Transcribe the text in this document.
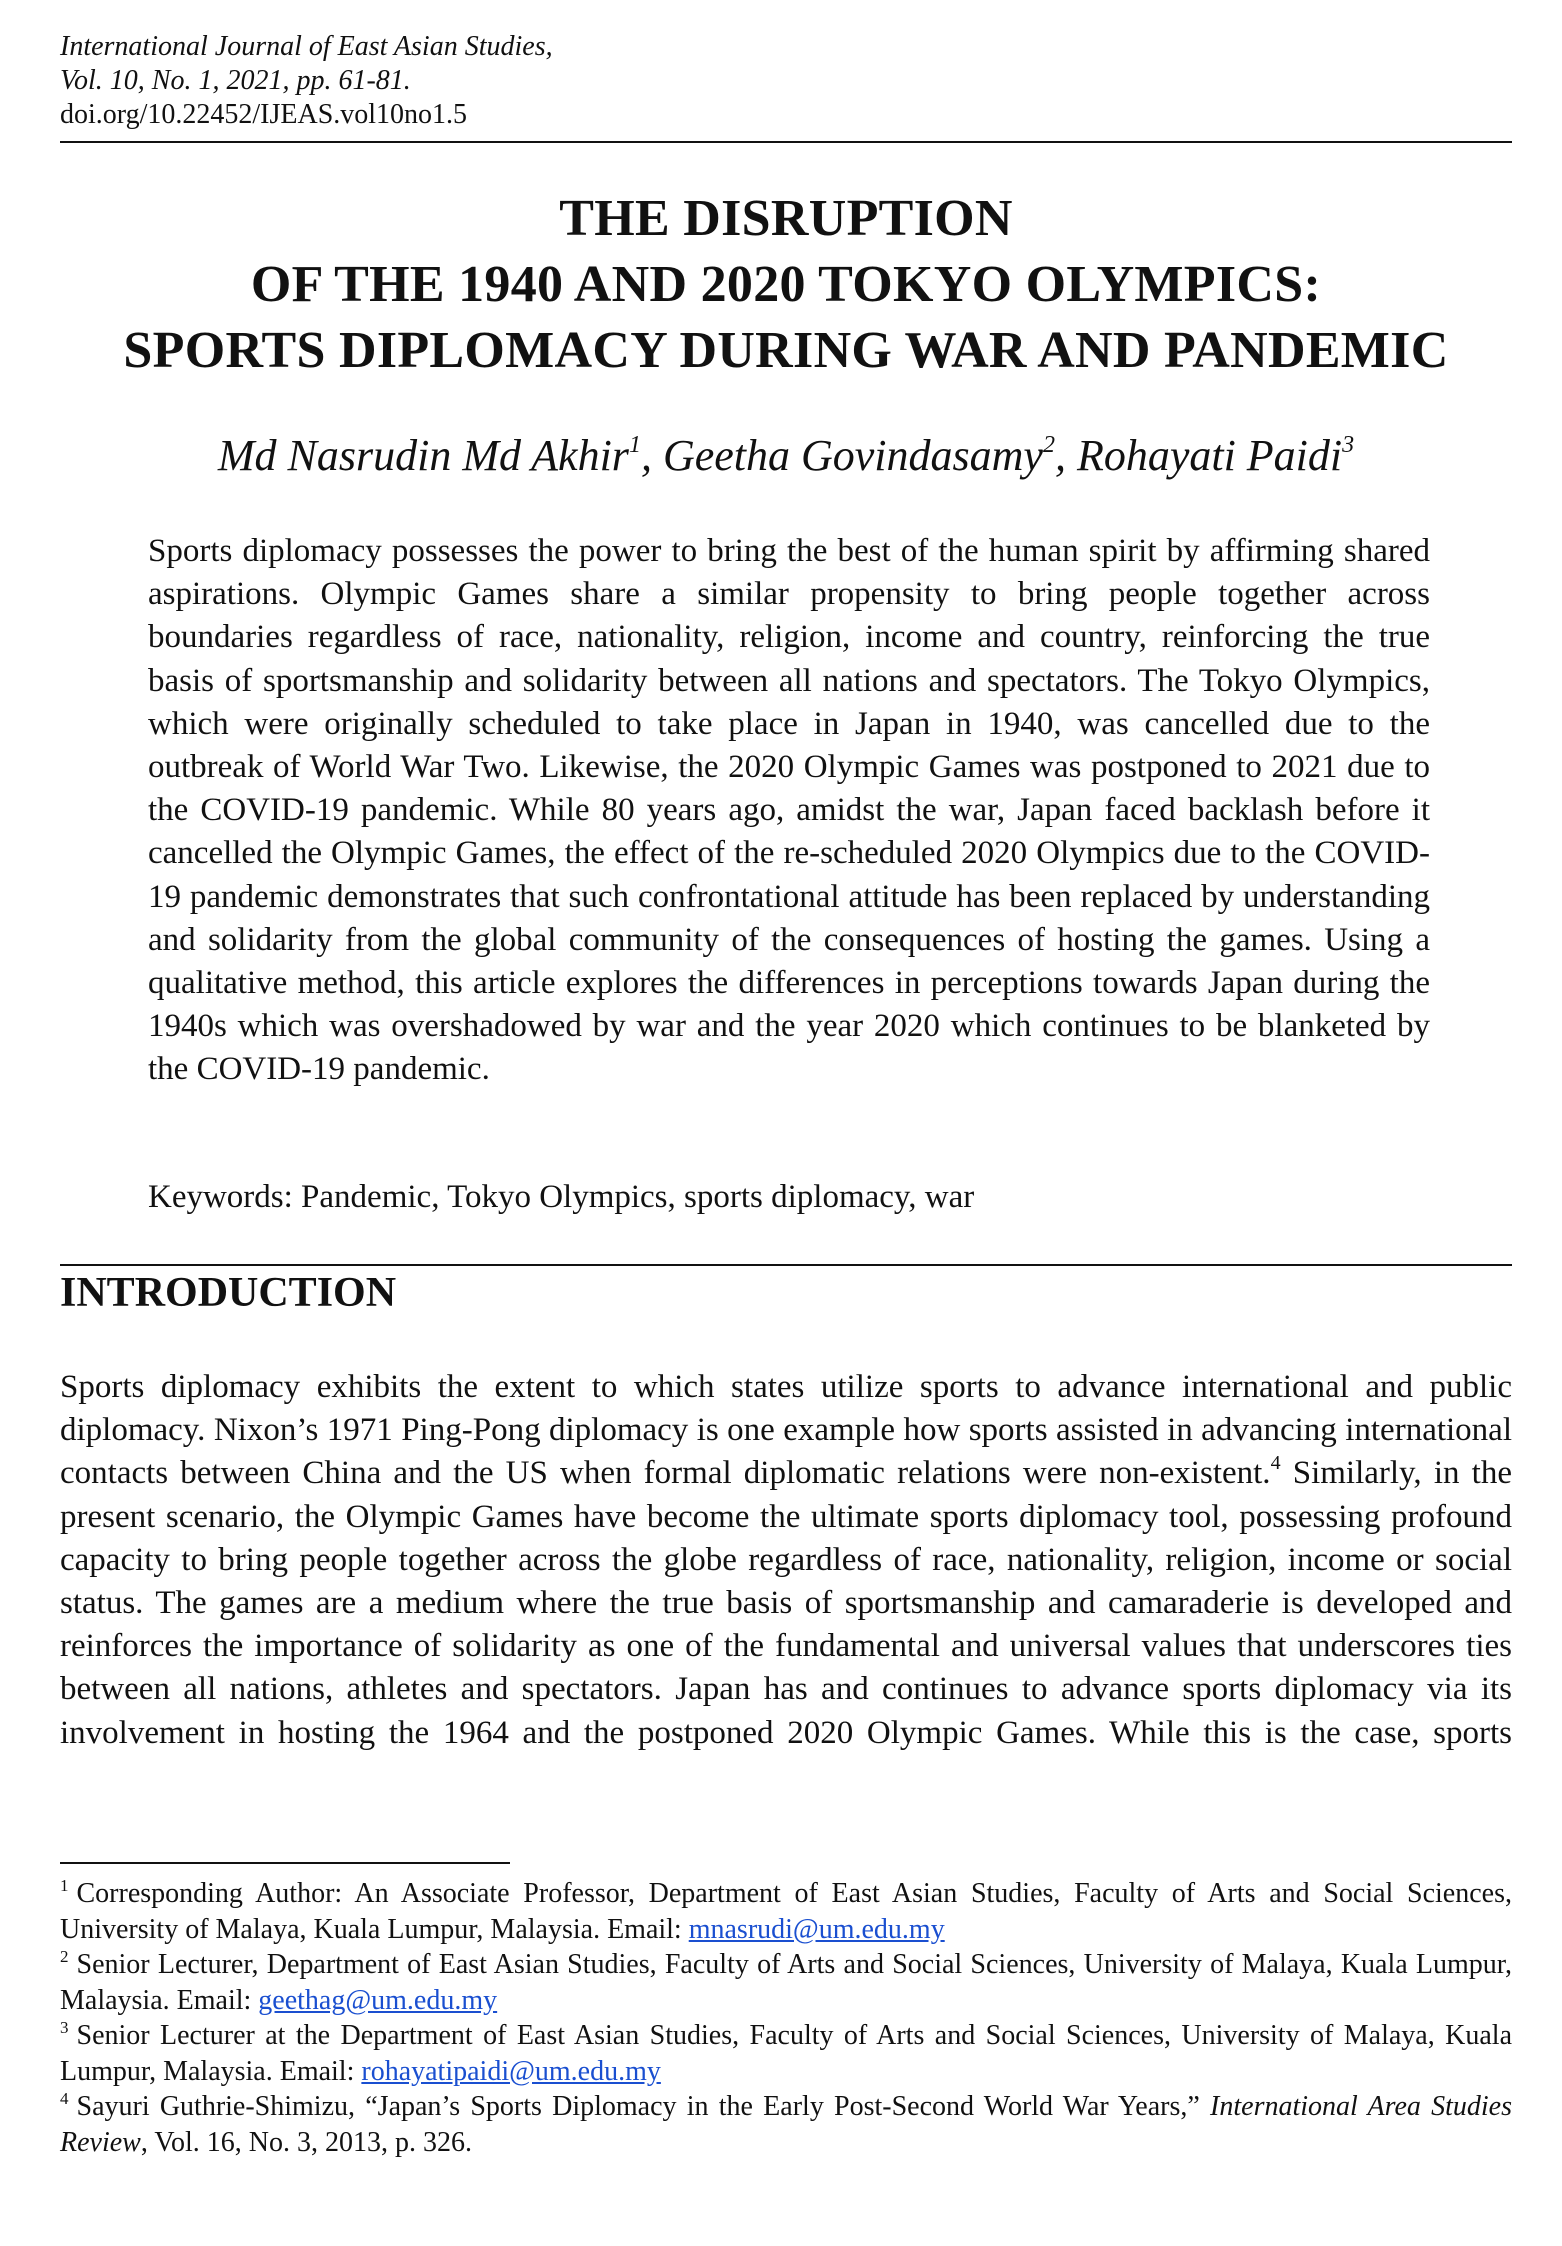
International Journal of East Asian Studies,
Vol. 10, No. 1, 2021, pp. 61-81.
doi.org/10.22452/IJEAS.vol10no1.5
THE DISRUPTION
OF THE 1940 AND 2020 TOKYO OLYMPICS:
SPORTS DIPLOMACY DURING WAR AND PANDEMIC
Md Nasrudin Md Akhir$^1$, Geetha Govindasamy$^2$, Rohayati Paidi$^3$
Sports diplomacy possesses the power to bring the best of the human spirit by affirming shared aspirations. Olympic Games share a similar propensity to bring people together across boundaries regardless of race, nationality, religion, income and country, reinforcing the true basis of sportsmanship and solidarity between all nations and spectators. The Tokyo Olympics, which were originally scheduled to take place in Japan in 1940, was cancelled due to the outbreak of World War Two. Likewise, the 2020 Olympic Games was postponed to 2021 due to the COVID-19 pandemic. While 80 years ago, amidst the war, Japan faced backlash before it cancelled the Olympic Games, the effect of the re-scheduled 2020 Olympics due to the COVID-19 pandemic demonstrates that such confrontational attitude has been replaced by understanding and solidarity from the global community of the consequences of hosting the games. Using a qualitative method, this article explores the differences in perceptions towards Japan during the 1940s which was overshadowed by war and the year 2020 which continues to be blanketed by the COVID-19 pandemic.
Keywords: Pandemic, Tokyo Olympics, sports diplomacy, war
INTRODUCTION
Sports diplomacy exhibits the extent to which states utilize sports to advance international and public diplomacy. Nixon’s 1971 Ping-Pong diplomacy is one example how sports assisted in advancing international contacts between China and the US when formal diplomatic relations were non-existent.$^4$ Similarly, in the present scenario, the Olympic Games have become the ultimate sports diplomacy tool, possessing profound capacity to bring people together across the globe regardless of race, nationality, religion, income or social status. The games are a medium where the true basis of sportsmanship and camaraderie is developed and reinforces the importance of solidarity as one of the fundamental and universal values that underscores ties between all nations, athletes and spectators. Japan has and continues to advance sports diplomacy via its involvement in hosting the 1964 and the postponed 2020 Olympic Games. While this is the case, sports

$^1$ Corresponding Author: An Associate Professor, Department of East Asian Studies, Faculty of Arts and Social Sciences, University of Malaya, Kuala Lumpur, Malaysia. Email: mnasrudi@um.edu.my

$^2$ Senior Lecturer, Department of East Asian Studies, Faculty of Arts and Social Sciences, University of Malaya, Kuala Lumpur, Malaysia. Email: geethag@um.edu.my

$^3$ Senior Lecturer at the Department of East Asian Studies, Faculty of Arts and Social Sciences, University of Malaya, Kuala Lumpur, Malaysia. Email: rohayatipaidi@um.edu.my

$^4$ Sayuri Guthrie-Shimizu, “Japan’s Sports Diplomacy in the Early Post-Second World War Years,” International Area Studies Review, Vol. 16, No. 3, 2013, p. 326.
